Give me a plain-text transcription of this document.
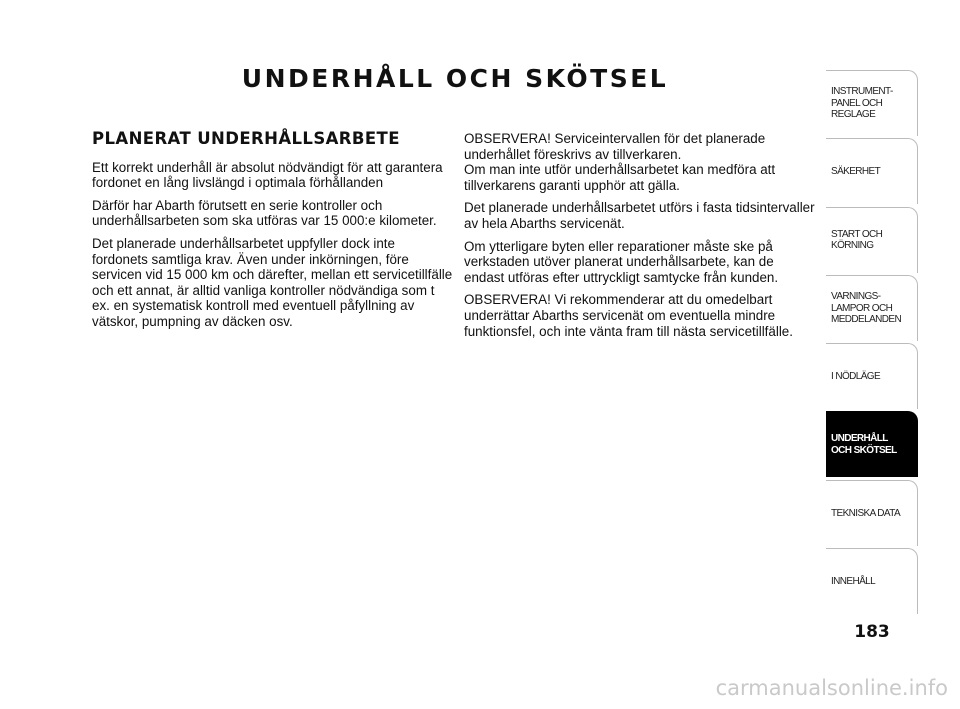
UNDERHÅLL OCH SKÖTSEL
PLANERAT UNDERHÅLLSARBETE

Ett korrekt underhåll är absolut nödvändigt för att garantera fordonet en lång livslängd i optimala förhållanden

Därför har Abarth förutsett en serie kontroller och underhållsarbeten som ska utföras var 15 000:e kilometer.

Det planerade underhållsarbetet uppfyller dock inte fordonets samtliga krav. Även under inkörningen, före servicen vid 15 000 km och därefter, mellan ett servicetillfälle och ett annat, är alltid vanliga kontroller nödvändiga som t ex. en systematisk kontroll med eventuell påfyllning av vätskor, pumpning av däcken osv.

OBSERVERA! Serviceintervallen för det planerade underhållet föreskrivs av tillverkaren.

Om man inte utför underhållsarbetet kan medföra att tillverkarens garanti upphör att gälla.

Det planerade underhållsarbetet utförs i fasta tidsintervaller av hela Abarths servicenät.

Om ytterligare byten eller reparationer måste ske på verkstaden utöver planerat underhållsarbete, kan de endast utföras efter uttryckligt samtycke från kunden.

OBSERVERA! Vi rekommenderar att du omedelbart underrättar Abarths servicenät om eventuella mindre funktionsfel, och inte vänta fram till nästa servicetillfälle.

INSTRUMENT-
PANEL OCH
REGLAGE
SÄKERHET
START OCH
KÖRNING
VARNINGS-
LAMPOR OCH
MEDDELANDEN
I NÖDLÄGE
UNDERHÅLL
OCH SKÖTSEL
TEKNISKA DATA
INNEHÅLL
183
carmanualsonline.info
